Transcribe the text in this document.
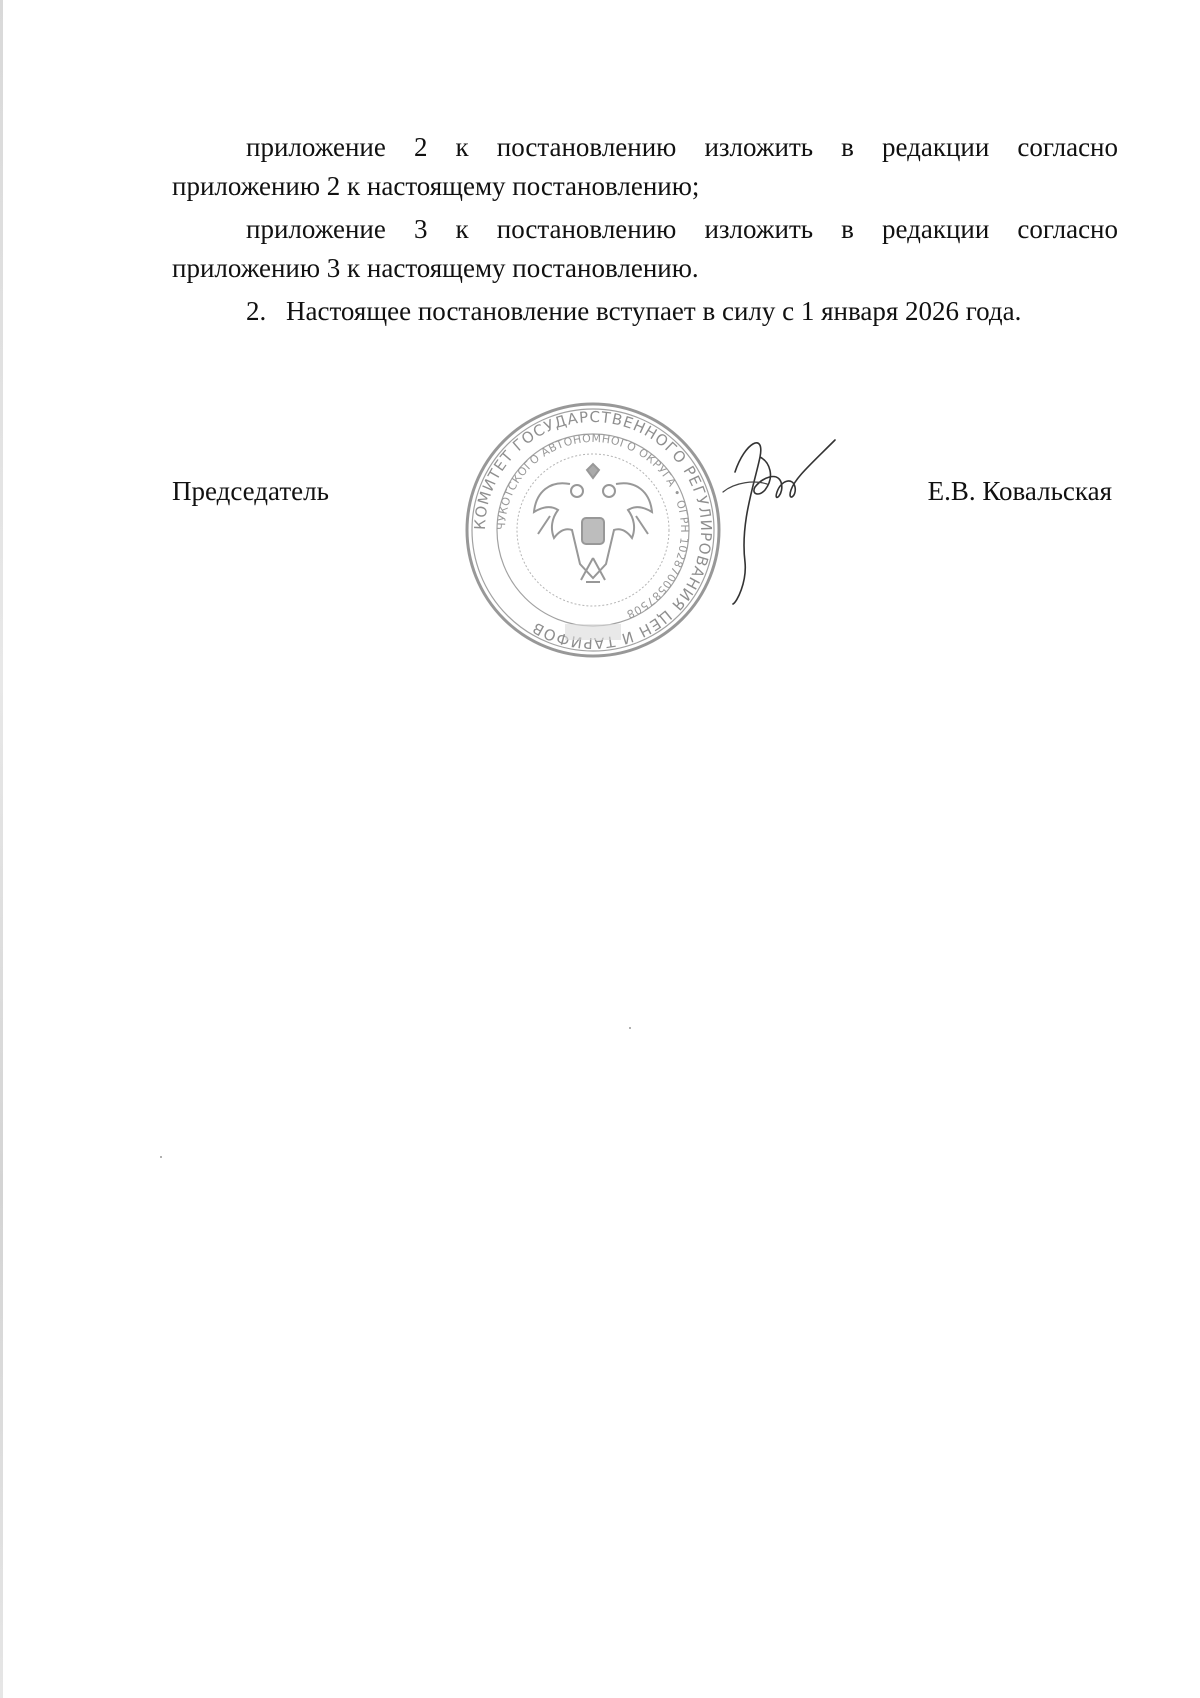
приложение 2 к постановлению изложить в редакции согласно приложению 2 к настоящему постановлению;

приложение 3 к постановлению изложить в редакции согласно приложению 3 к настоящему постановлению.

2. Настоящее постановление вступает в силу с 1 января 2026 года.

КОМИТЕТ ГОСУДАРСТВЕННОГО РЕГУЛИРОВАНИЯ ЦЕН И ТАРИФОВ
ЧУКОТСКОГО АВТОНОМНОГО ОКРУГА • ОГРН 1028700587508
Председатель	Е.В. Ковальская
